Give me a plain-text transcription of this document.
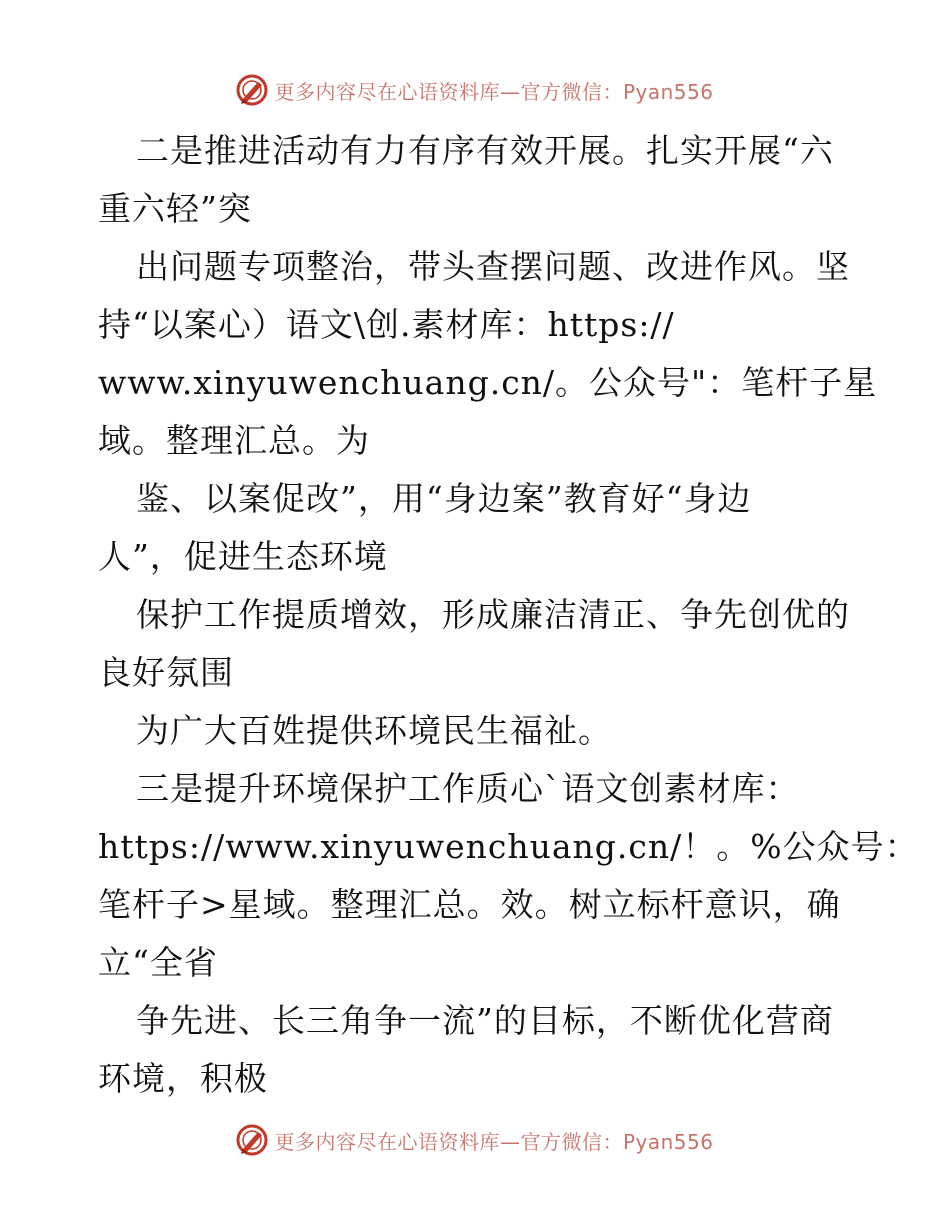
更多内容尽在心语资料库—官方微信：Pyan556
二是推进活动有力有序有效开展。扎实开展“六
重六轻”突
出问题专项整治，带头查摆问题、改进作风。坚
持“以案心）语文\创.素材库：https://
www.xinyuwenchuang.cn/。公众号"：笔杆子星
域。整理汇总。为
鉴、以案促改”，用“身边案”教育好“身边
人”，促进生态环境
保护工作提质增效，形成廉洁清正、争先创优的
良好氛围
为广大百姓提供环境民生福祉。
三是提升环境保护工作质心`语文创素材库：
https://www.xinyuwenchuang.cn/！。%公众号：
笔杆子>星域。整理汇总。效。树立标杆意识，确
立“全省
争先进、长三角争一流”的目标，不断优化营商
环境，积极
更多内容尽在心语资料库—官方微信：Pyan556
